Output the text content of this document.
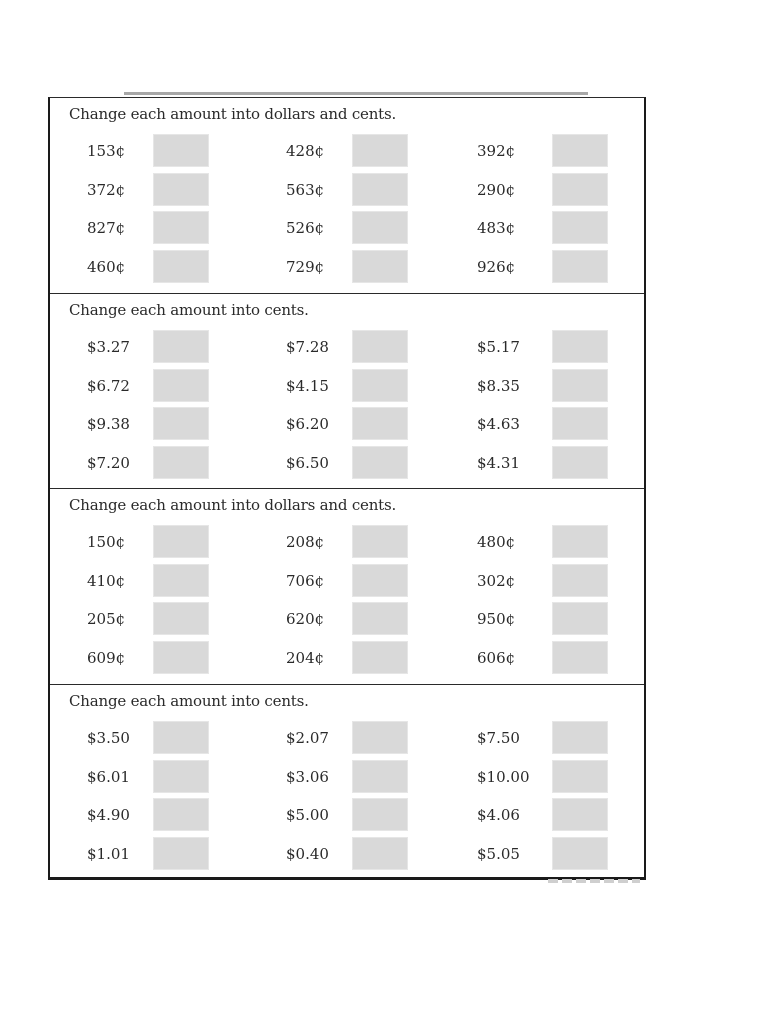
Change each amount into dollars and cents.
153¢	428¢	392¢
372¢	563¢	290¢
827¢	526¢	483¢
460¢	729¢	926¢
Change each amount into cents.
$3.27	$7.28	$5.17
$6.72	$4.15	$8.35
$9.38	$6.20	$4.63
$7.20	$6.50	$4.31
Change each amount into dollars and cents.
150¢	208¢	480¢
410¢	706¢	302¢
205¢	620¢	950¢
609¢	204¢	606¢
Change each amount into cents.
$3.50	$2.07	$7.50
$6.01	$3.06	$10.00
$4.90	$5.00	$4.06
$1.01	$0.40	$5.05
